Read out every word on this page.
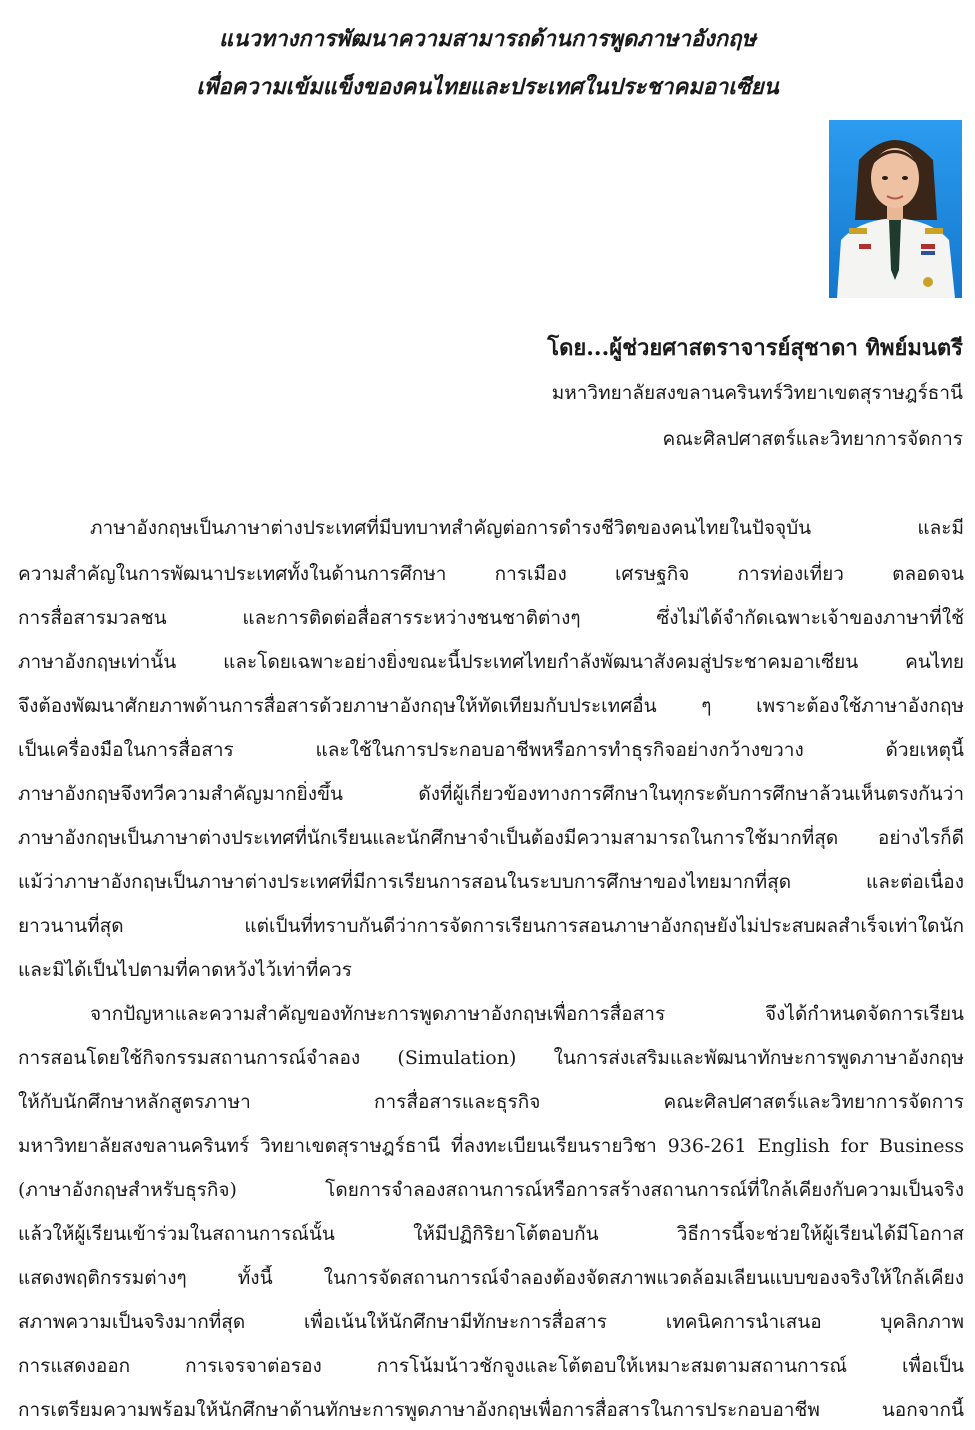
แนวทางการพัฒนาความสามารถด้านการพูดภาษาอังกฤษ
เพื่อความเข้มแข็งของคนไทยและประเทศในประชาคมอาเซียน
โดย...ผู้ช่วยศาสตราจารย์สุชาดา ทิพย์มนตรี
มหาวิทยาลัยสงขลานครินทร์วิทยาเขตสุราษฎร์ธานี
คณะศิลปศาสตร์และวิทยาการจัดการ
ภาษาอังกฤษเป็นภาษาต่างประเทศที่มีบทบาทสำคัญต่อการดำรงชีวิตของคนไทยในปัจจุบัน และมี
ความสำคัญในการพัฒนาประเทศทั้งในด้านการศึกษา การเมือง เศรษฐกิจ การท่องเที่ยว ตลอดจน
การสื่อสารมวลชน และการติดต่อสื่อสารระหว่างชนชาติต่างๆ ซึ่งไม่ได้จำกัดเฉพาะเจ้าของภาษาที่ใช้
ภาษาอังกฤษเท่านั้น และโดยเฉพาะอย่างยิ่งขณะนี้ประเทศไทยกำลังพัฒนาสังคมสู่ประชาคมอาเซียน คนไทย
จึงต้องพัฒนาศักยภาพด้านการสื่อสารด้วยภาษาอังกฤษให้ทัดเทียมกับประเทศอื่น ๆ เพราะต้องใช้ภาษาอังกฤษ
เป็นเครื่องมือในการสื่อสาร และใช้ในการประกอบอาชีพหรือการทำธุรกิจอย่างกว้างขวาง ด้วยเหตุนี้
ภาษาอังกฤษจึงทวีความสำคัญมากยิ่งขึ้น ดังที่ผู้เกี่ยวข้องทางการศึกษาในทุกระดับการศึกษาล้วนเห็นตรงกันว่า
ภาษาอังกฤษเป็นภาษาต่างประเทศที่นักเรียนและนักศึกษาจำเป็นต้องมีความสามารถในการใช้มากที่สุด อย่างไรก็ดี
แม้ว่าภาษาอังกฤษเป็นภาษาต่างประเทศที่มีการเรียนการสอนในระบบการศึกษาของไทยมากที่สุด และต่อเนื่อง
ยาวนานที่สุด แต่เป็นที่ทราบกันดีว่าการจัดการเรียนการสอนภาษาอังกฤษยังไม่ประสบผลสำเร็จเท่าใดนัก
และมิได้เป็นไปตามที่คาดหวังไว้เท่าที่ควร
จากปัญหาและความสำคัญของทักษะการพูดภาษาอังกฤษเพื่อการสื่อสาร จึงได้กำหนดจัดการเรียน
การสอนโดยใช้กิจกรรมสถานการณ์จำลอง (Simulation) ในการส่งเสริมและพัฒนาทักษะการพูดภาษาอังกฤษ
ให้กับนักศึกษาหลักสูตรภาษา การสื่อสารและธุรกิจ คณะศิลปศาสตร์และวิทยาการจัดการ
มหาวิทยาลัยสงขลานครินทร์ วิทยาเขตสุราษฎร์ธานี ที่ลงทะเบียนเรียนรายวิชา 936-261 English for Business
(ภาษาอังกฤษสำหรับธุรกิจ) โดยการจำลองสถานการณ์หรือการสร้างสถานการณ์ที่ใกล้เคียงกับความเป็นจริง
แล้วให้ผู้เรียนเข้าร่วมในสถานการณ์นั้น ให้มีปฏิกิริยาโต้ตอบกัน วิธีการนี้จะช่วยให้ผู้เรียนได้มีโอกาส
แสดงพฤติกรรมต่างๆ ทั้งนี้ ในการจัดสถานการณ์จำลองต้องจัดสภาพแวดล้อมเลียนแบบของจริงให้ใกล้เคียง
สภาพความเป็นจริงมากที่สุด เพื่อเน้นให้นักศึกษามีทักษะการสื่อสาร เทคนิคการนำเสนอ บุคลิกภาพ
การแสดงออก การเจรจาต่อรอง การโน้มน้าวชักจูงและโต้ตอบให้เหมาะสมตามสถานการณ์ เพื่อเป็น
การเตรียมความพร้อมให้นักศึกษาด้านทักษะการพูดภาษาอังกฤษเพื่อการสื่อสารในการประกอบอาชีพ นอกจากนี้
